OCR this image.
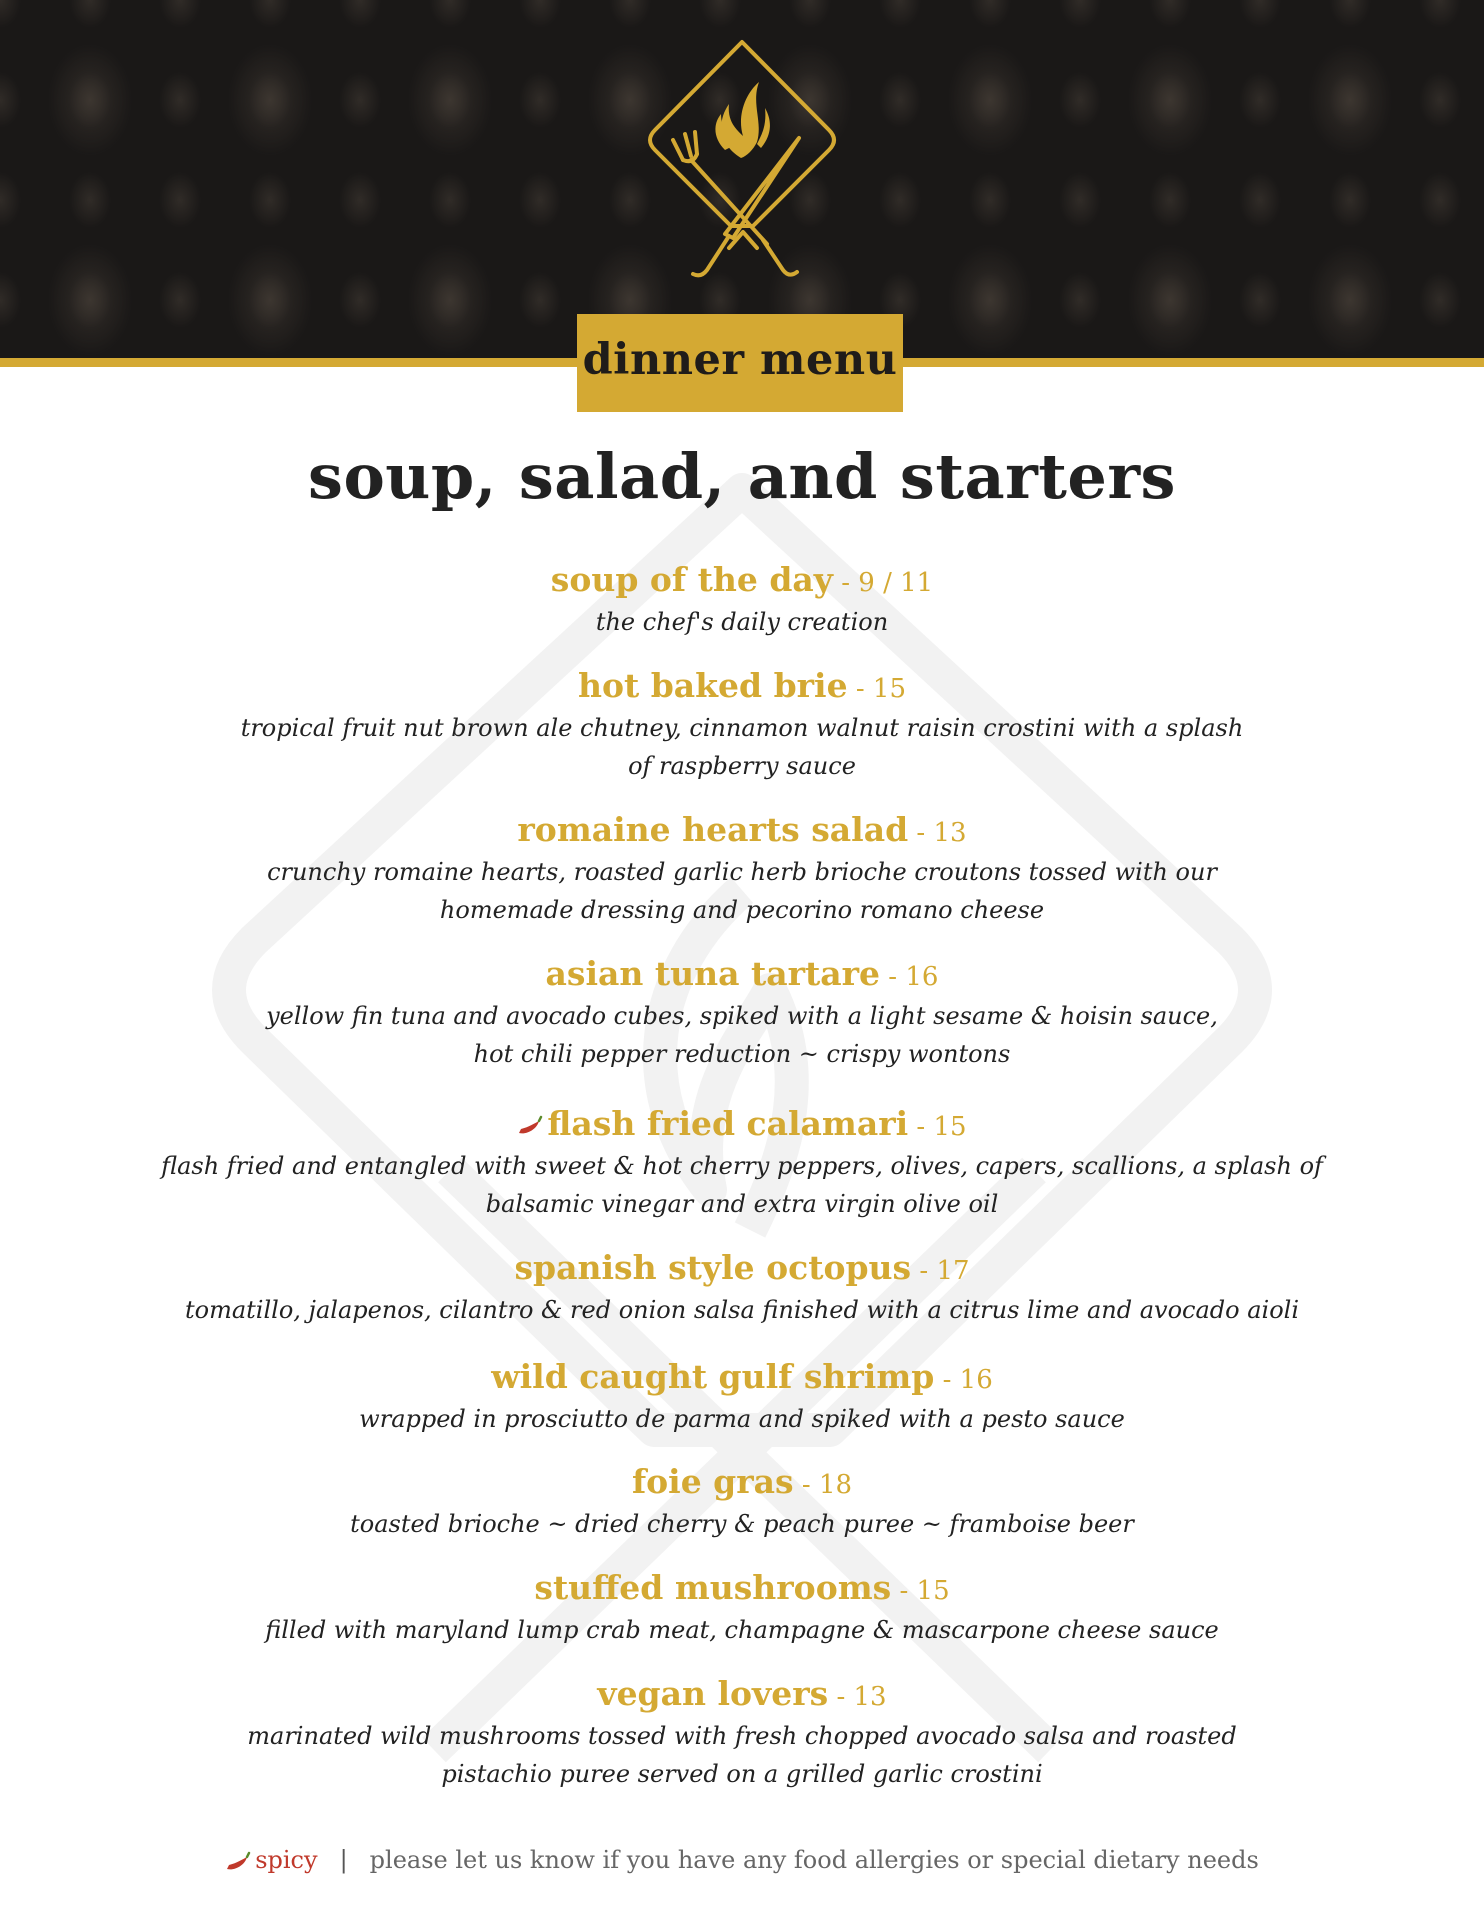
dinner menu
soup, salad, and starters
soup of the day - 9 / 11
the chef's daily creation
hot baked brie - 15
tropical fruit nut brown ale chutney, cinnamon walnut raisin crostini with a splash
of raspberry sauce
romaine hearts salad - 13
crunchy romaine hearts, roasted garlic herb brioche croutons tossed with our
homemade dressing and pecorino romano cheese
asian tuna tartare - 16
yellow fin tuna and avocado cubes, spiked with a light sesame & hoisin sauce,
hot chili pepper reduction ~ crispy wontons
flash fried calamari - 15
flash fried and entangled with sweet & hot cherry peppers, olives, capers, scallions, a splash of
balsamic vinegar and extra virgin olive oil
spanish style octopus - 17
tomatillo, jalapenos, cilantro & red onion salsa finished with a citrus lime and avocado aioli
wild caught gulf shrimp - 16
wrapped in prosciutto de parma and spiked with a pesto sauce
foie gras - 18
toasted brioche ~ dried cherry & peach puree ~ framboise beer
stuffed mushrooms - 15
filled with maryland lump crab meat, champagne & mascarpone cheese sauce
vegan lovers - 13
marinated wild mushrooms tossed with fresh chopped avocado salsa and roasted
pistachio puree served on a grilled garlic crostini
spicy | please let us know if you have any food allergies or special dietary needs
